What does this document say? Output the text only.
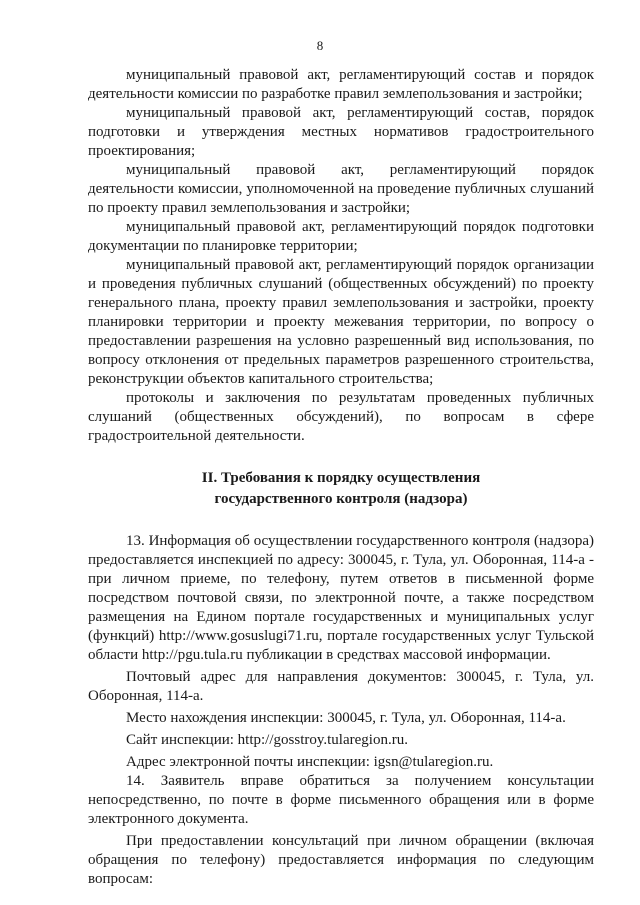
8

муниципальный правовой акт, регламентирующий состав и порядок деятельности комиссии по разработке правил землепользования и застройки;

муниципальный правовой акт, регламентирующий состав, порядок подготовки и утверждения местных нормативов градостроительного проектирования;

муниципальный правовой акт, регламентирующий порядок деятельности комиссии, уполномоченной на проведение публичных слушаний по проекту правил землепользования и застройки;

муниципальный правовой акт, регламентирующий порядок подготовки документации по планировке территории;

муниципальный правовой акт, регламентирующий порядок организации и проведения публичных слушаний (общественных обсуждений) по проекту генерального плана, проекту правил землепользования и застройки, проекту планировки территории и проекту межевания территории, по вопросу о предоставлении разрешения на условно разрешенный вид использования, по вопросу отклонения от предельных параметров разрешенного строительства, реконструкции объектов капитального строительства;

протоколы и заключения по результатам проведенных публичных слушаний (общественных обсуждений), по вопросам в сфере градостроительной деятельности.

II. Требования к порядку осуществления
государственного контроля (надзора)

13. Информация об осуществлении государственного контроля (надзора) предоставляется инспекцией по адресу: 300045, г. Тула, ул. Оборонная, 114-а - при личном приеме, по телефону, путем ответов в письменной форме посредством почтовой связи, по электронной почте, а также посредством размещения на Едином портале государственных и муниципальных услуг (функций) http://www.gosuslugi71.ru, портале государственных услуг Тульской области http://pgu.tula.ru публикации в средствах массовой информации.

Почтовый адрес для направления документов: 300045, г. Тула, ул. Оборонная, 114-а.

Место нахождения инспекции: 300045, г. Тула, ул. Оборонная, 114-а.

Сайт инспекции: http://gosstroy.tularegion.ru.

Адрес электронной почты инспекции: igsn@tularegion.ru.

14. Заявитель вправе обратиться за получением консультации непосредственно, по почте в форме письменного обращения или в форме электронного документа.

При предоставлении консультаций при личном обращении (включая обращения по телефону) предоставляется информация по следующим вопросам:
